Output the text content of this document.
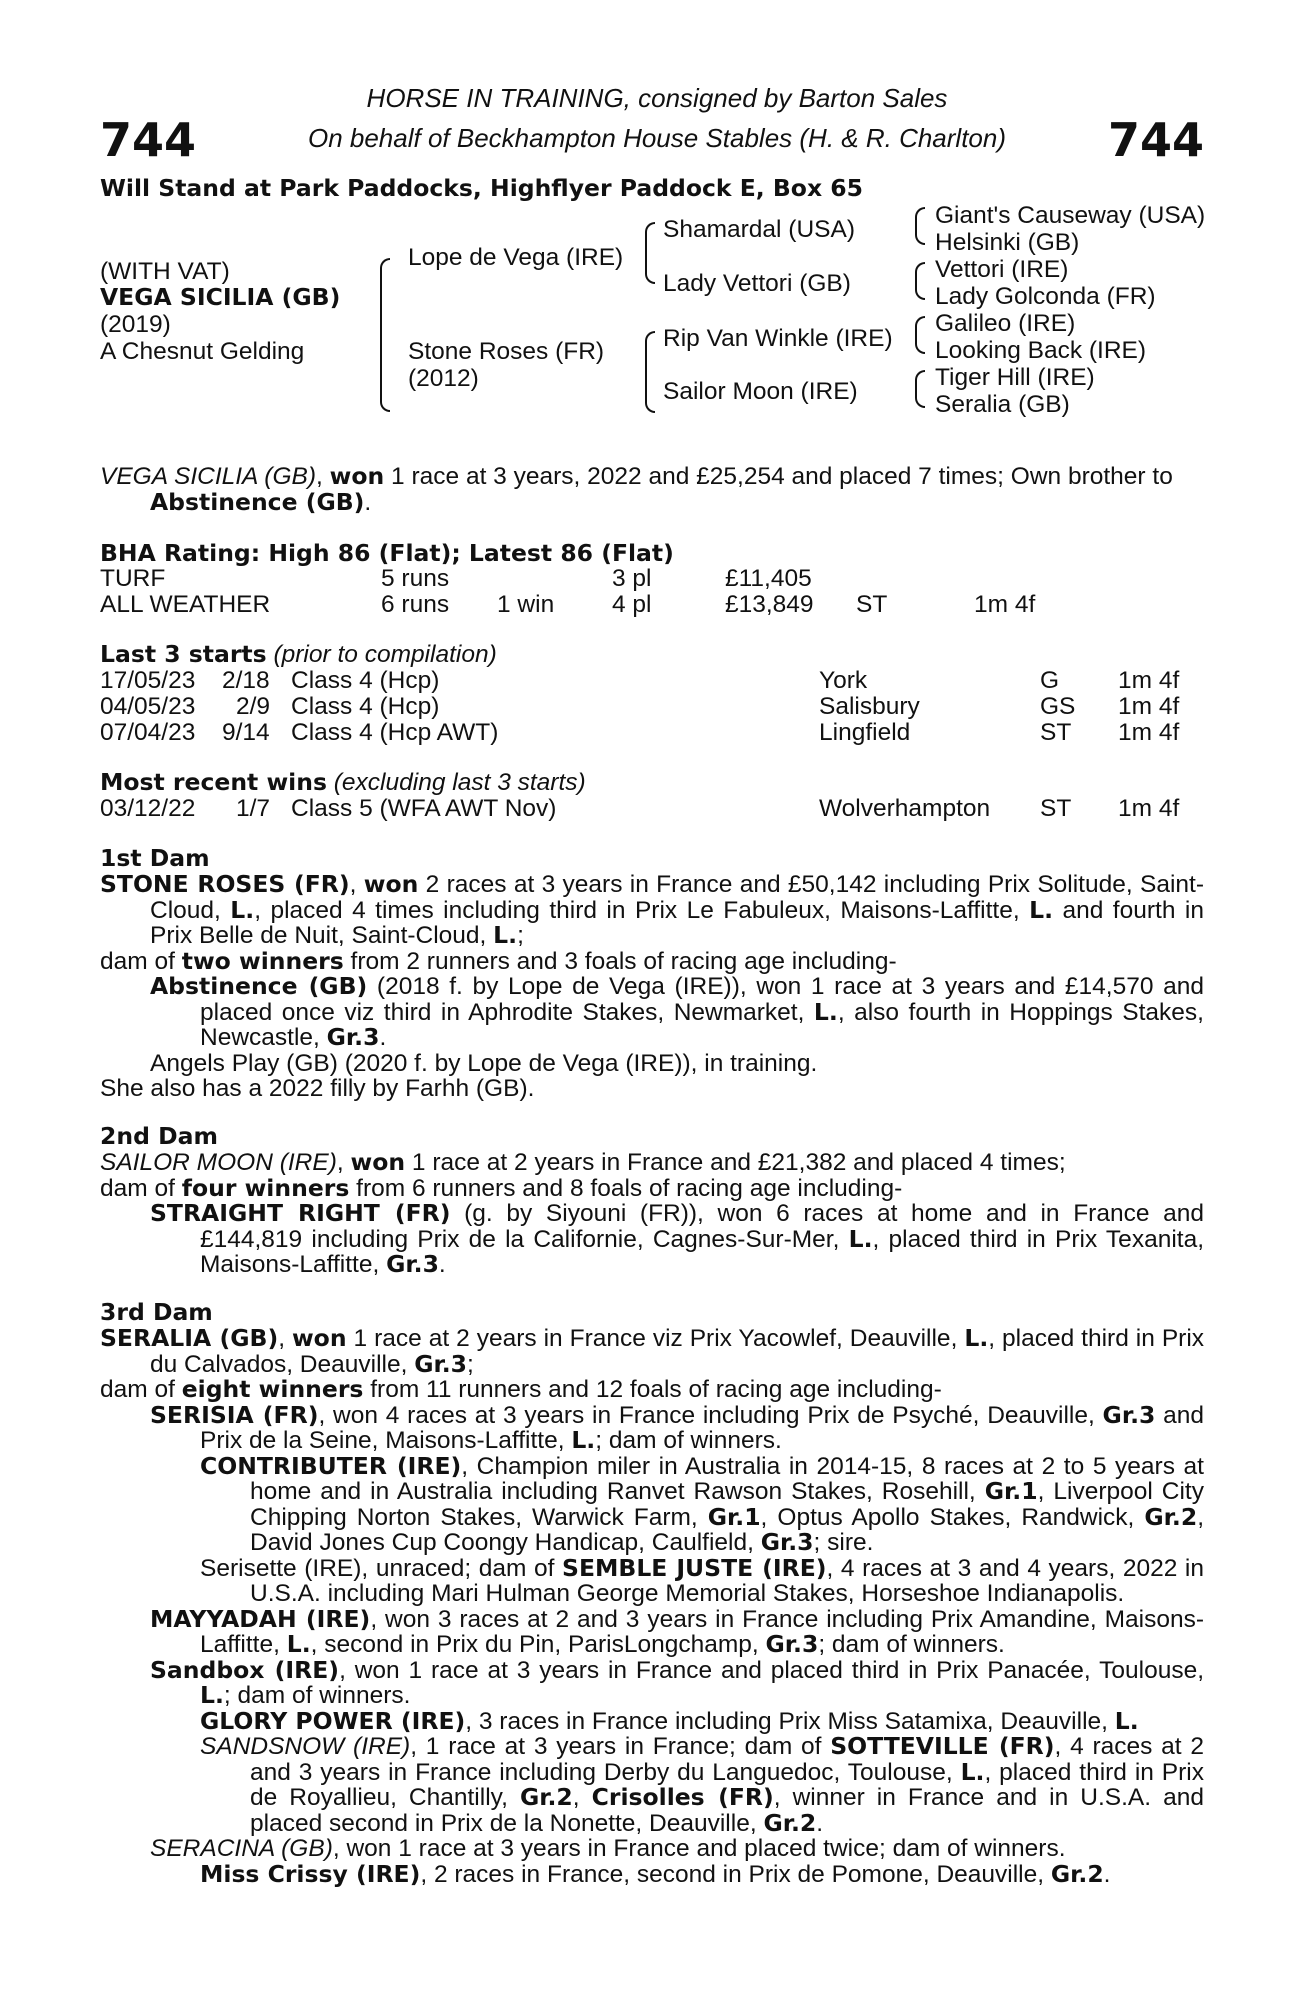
HORSE IN TRAINING, consigned by Barton Sales
On behalf of Beckhampton House Stables (H. & R. Charlton)
744	744
Will Stand at Park Paddocks, Highflyer Paddock E, Box 65
(WITH VAT)
VEGA SICILIA (GB)
(2019)
A Chesnut Gelding
Lope de Vega (IRE)
Stone Roses (FR)
(2012)
Shamardal (USA)
Lady Vettori (GB)
Rip Van Winkle (IRE)
Sailor Moon (IRE)
Giant's Causeway (USA)
Helsinki (GB)
Vettori (IRE)
Lady Golconda (FR)
Galileo (IRE)
Looking Back (IRE)
Tiger Hill (IRE)
Seralia (GB)
VEGA SICILIA (GB), won 1 race at 3 years, 2022 and £25,254 and placed 7 times; Own brother to Abstinence (GB).
BHA Rating: High 86 (Flat); Latest 86 (Flat)
TURF	5 runs	3 pl	£11,405
ALL WEATHER	6 runs 1 win 4 pl	£13,849 ST	1m 4f
Last 3 starts (prior to compilation)
17/05/23 2/18 Class 4 (Hcp)	York	G 1m 4f
04/05/23 2/9 Class 4 (Hcp)	Salisbury	GS 1m 4f
07/04/23 9/14 Class 4 (Hcp AWT)	Lingfield	ST 1m 4f
Most recent wins (excluding last 3 starts)
03/12/22 1/7 Class 5 (WFA AWT Nov)	Wolverhampton ST 1m 4f
1st Dam
STONE ROSES (FR), won 2 races at 3 years in France and £50,142 including Prix Solitude, Saint-Cloud, L., placed 4 times including third in Prix Le Fabuleux, Maisons-Laffitte, L. and fourth in Prix Belle de Nuit, Saint-Cloud, L.;
dam of two winners from 2 runners and 3 foals of racing age including-
Abstinence (GB) (2018 f. by Lope de Vega (IRE)), won 1 race at 3 years and £14,570 and placed once viz third in Aphrodite Stakes, Newmarket, L., also fourth in Hoppings Stakes, Newcastle, Gr.3.
Angels Play (GB) (2020 f. by Lope de Vega (IRE)), in training.
She also has a 2022 filly by Farhh (GB).
2nd Dam
SAILOR MOON (IRE), won 1 race at 2 years in France and £21,382 and placed 4 times;
dam of four winners from 6 runners and 8 foals of racing age including-
STRAIGHT RIGHT (FR) (g. by Siyouni (FR)), won 6 races at home and in France and £144,819 including Prix de la Californie, Cagnes-Sur-Mer, L., placed third in Prix Texanita, Maisons-Laffitte, Gr.3.
3rd Dam
SERALIA (GB), won 1 race at 2 years in France viz Prix Yacowlef, Deauville, L., placed third in Prix du Calvados, Deauville, Gr.3;
dam of eight winners from 11 runners and 12 foals of racing age including-
SERISIA (FR), won 4 races at 3 years in France including Prix de Psyché, Deauville, Gr.3 and Prix de la Seine, Maisons-Laffitte, L.; dam of winners.
CONTRIBUTER (IRE), Champion miler in Australia in 2014-15, 8 races at 2 to 5 years at home and in Australia including Ranvet Rawson Stakes, Rosehill, Gr.1, Liverpool City Chipping Norton Stakes, Warwick Farm, Gr.1, Optus Apollo Stakes, Randwick, Gr.2, David Jones Cup Coongy Handicap, Caulfield, Gr.3; sire.
Serisette (IRE), unraced; dam of SEMBLE JUSTE (IRE), 4 races at 3 and 4 years, 2022 in U.S.A. including Mari Hulman George Memorial Stakes, Horseshoe Indianapolis.
MAYYADAH (IRE), won 3 races at 2 and 3 years in France including Prix Amandine, Maisons-Laffitte, L., second in Prix du Pin, ParisLongchamp, Gr.3; dam of winners.
Sandbox (IRE), won 1 race at 3 years in France and placed third in Prix Panacée, Toulouse, L.; dam of winners.
GLORY POWER (IRE), 3 races in France including Prix Miss Satamixa, Deauville, L.
SANDSNOW (IRE), 1 race at 3 years in France; dam of SOTTEVILLE (FR), 4 races at 2 and 3 years in France including Derby du Languedoc, Toulouse, L., placed third in Prix de Royallieu, Chantilly, Gr.2, Crisolles (FR), winner in France and in U.S.A. and placed second in Prix de la Nonette, Deauville, Gr.2.
SERACINA (GB), won 1 race at 3 years in France and placed twice; dam of winners.
Miss Crissy (IRE), 2 races in France, second in Prix de Pomone, Deauville, Gr.2.
